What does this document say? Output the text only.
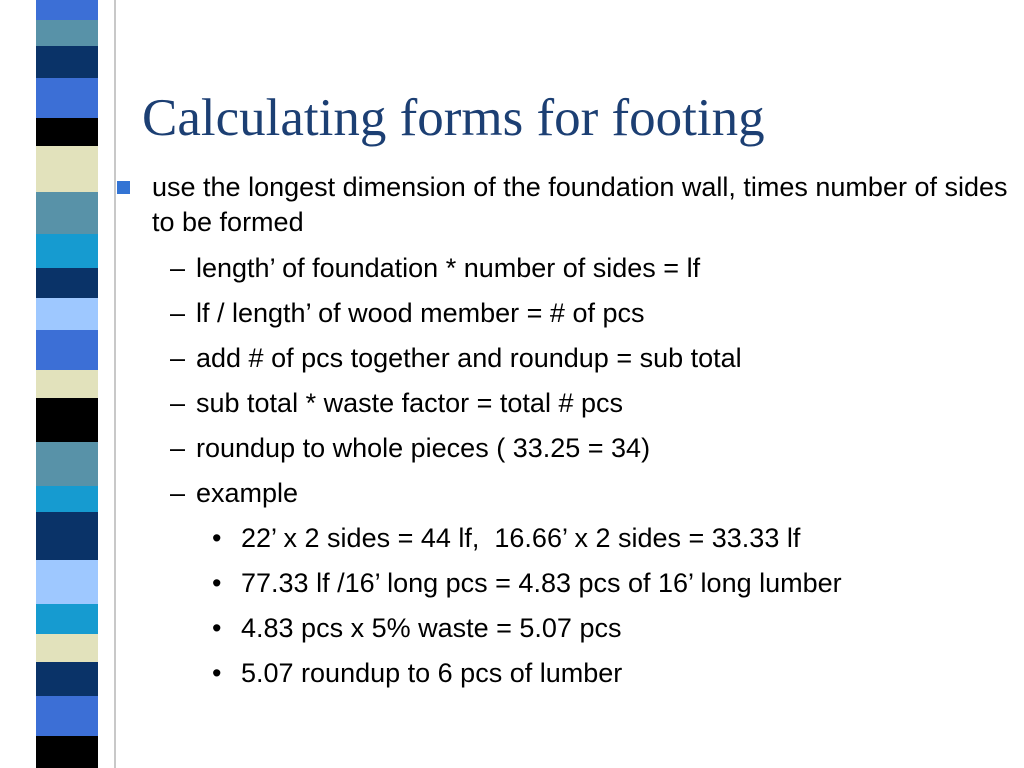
Calculating forms for footing

use the longest dimension of the foundation wall, times number of sides to be formed

– length’ of foundation * number of sides = lf
– lf / length’ of wood member = # of pcs
– add # of pcs together and roundup = sub total
– sub total * waste factor = total # pcs
– roundup to whole pieces ( 33.25 = 34)
– example
• 22’ x 2 sides = 44 lf,  16.66’ x 2 sides = 33.33 lf
• 77.33 lf /16’ long pcs = 4.83 pcs of 16’ long lumber
• 4.83 pcs x 5% waste = 5.07 pcs
• 5.07 roundup to 6 pcs of lumber
